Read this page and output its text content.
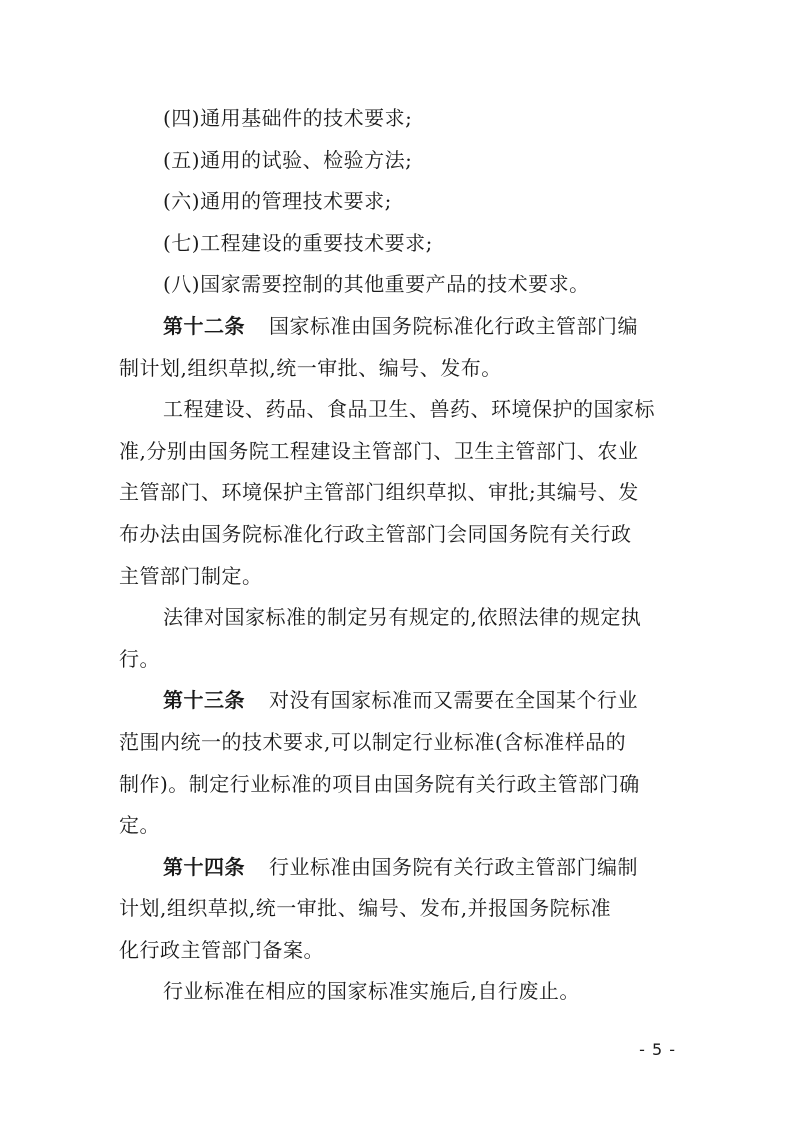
(四)通用基础件的技术要求;
(五)通用的试验、检验方法;
(六)通用的管理技术要求;
(七)工程建设的重要技术要求;
(八)国家需要控制的其他重要产品的技术要求。
第十二条 国家标准由国务院标准化行政主管部门编
制计划,组织草拟,统一审批、编号、发布。
工程建设、药品、食品卫生、兽药、环境保护的国家标
准,分别由国务院工程建设主管部门、卫生主管部门、农业
主管部门、环境保护主管部门组织草拟、审批;其编号、发
布办法由国务院标准化行政主管部门会同国务院有关行政
主管部门制定。
法律对国家标准的制定另有规定的,依照法律的规定执
行。
第十三条 对没有国家标准而又需要在全国某个行业
范围内统一的技术要求,可以制定行业标准(含标准样品的
制作)。制定行业标准的项目由国务院有关行政主管部门确
定。
第十四条 行业标准由国务院有关行政主管部门编制
计划,组织草拟,统一审批、编号、发布,并报国务院标准
化行政主管部门备案。
行业标准在相应的国家标准实施后,自行废止。
- 5 -
